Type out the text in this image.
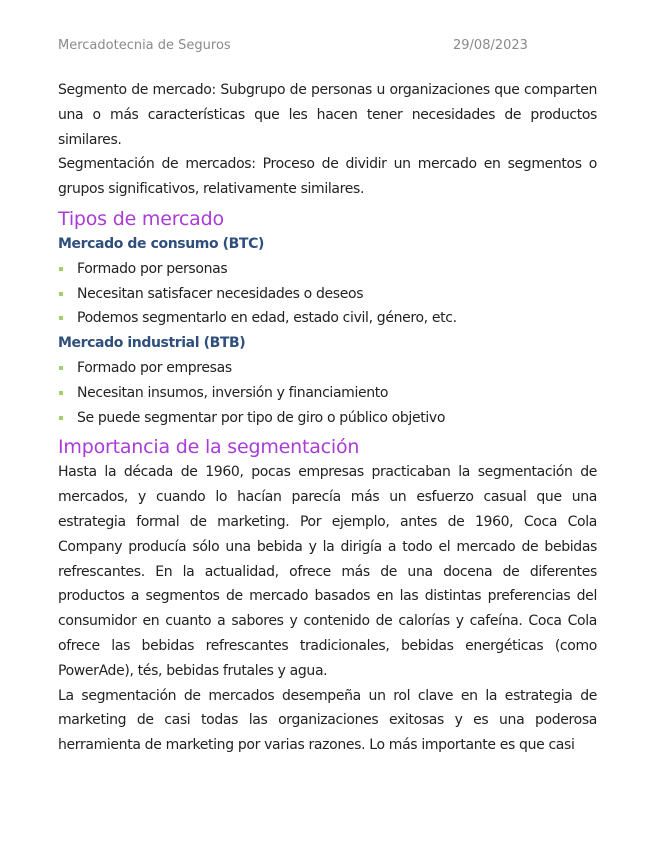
Mercadotecnia de Seguros	29/08/2023

Segmento de mercado: Subgrupo de personas u organizaciones que comparten una o más características que les hacen tener necesidades de productos similares.

Segmentación de mercados: Proceso de dividir un mercado en segmentos o grupos significativos, relativamente similares.

Tipos de mercado
Mercado de consumo (BTC)
Formado por personas
Necesitan satisfacer necesidades o deseos
Podemos segmentarlo en edad, estado civil, género, etc.
Mercado industrial (BTB)
Formado por empresas
Necesitan insumos, inversión y financiamiento
Se puede segmentar por tipo de giro o público objetivo
Importancia de la segmentación

Hasta la década de 1960, pocas empresas practicaban la segmentación de mercados, y cuando lo hacían parecía más un esfuerzo casual que una estrategia formal de marketing. Por ejemplo, antes de 1960, Coca Cola Company producía sólo una bebida y la dirigía a todo el mercado de bebidas refrescantes. En la actualidad, ofrece más de una docena de diferentes productos a segmentos de mercado basados en las distintas preferencias del consumidor en cuanto a sabores y contenido de calorías y cafeína. Coca Cola ofrece las bebidas refrescantes tradicionales, bebidas energéticas (como PowerAde), tés, bebidas frutales y agua.

La segmentación de mercados desempeña un rol clave en la estrategia de marketing de casi todas las organizaciones exitosas y es una poderosa herramienta de marketing por varias razones. Lo más importante es que casi
